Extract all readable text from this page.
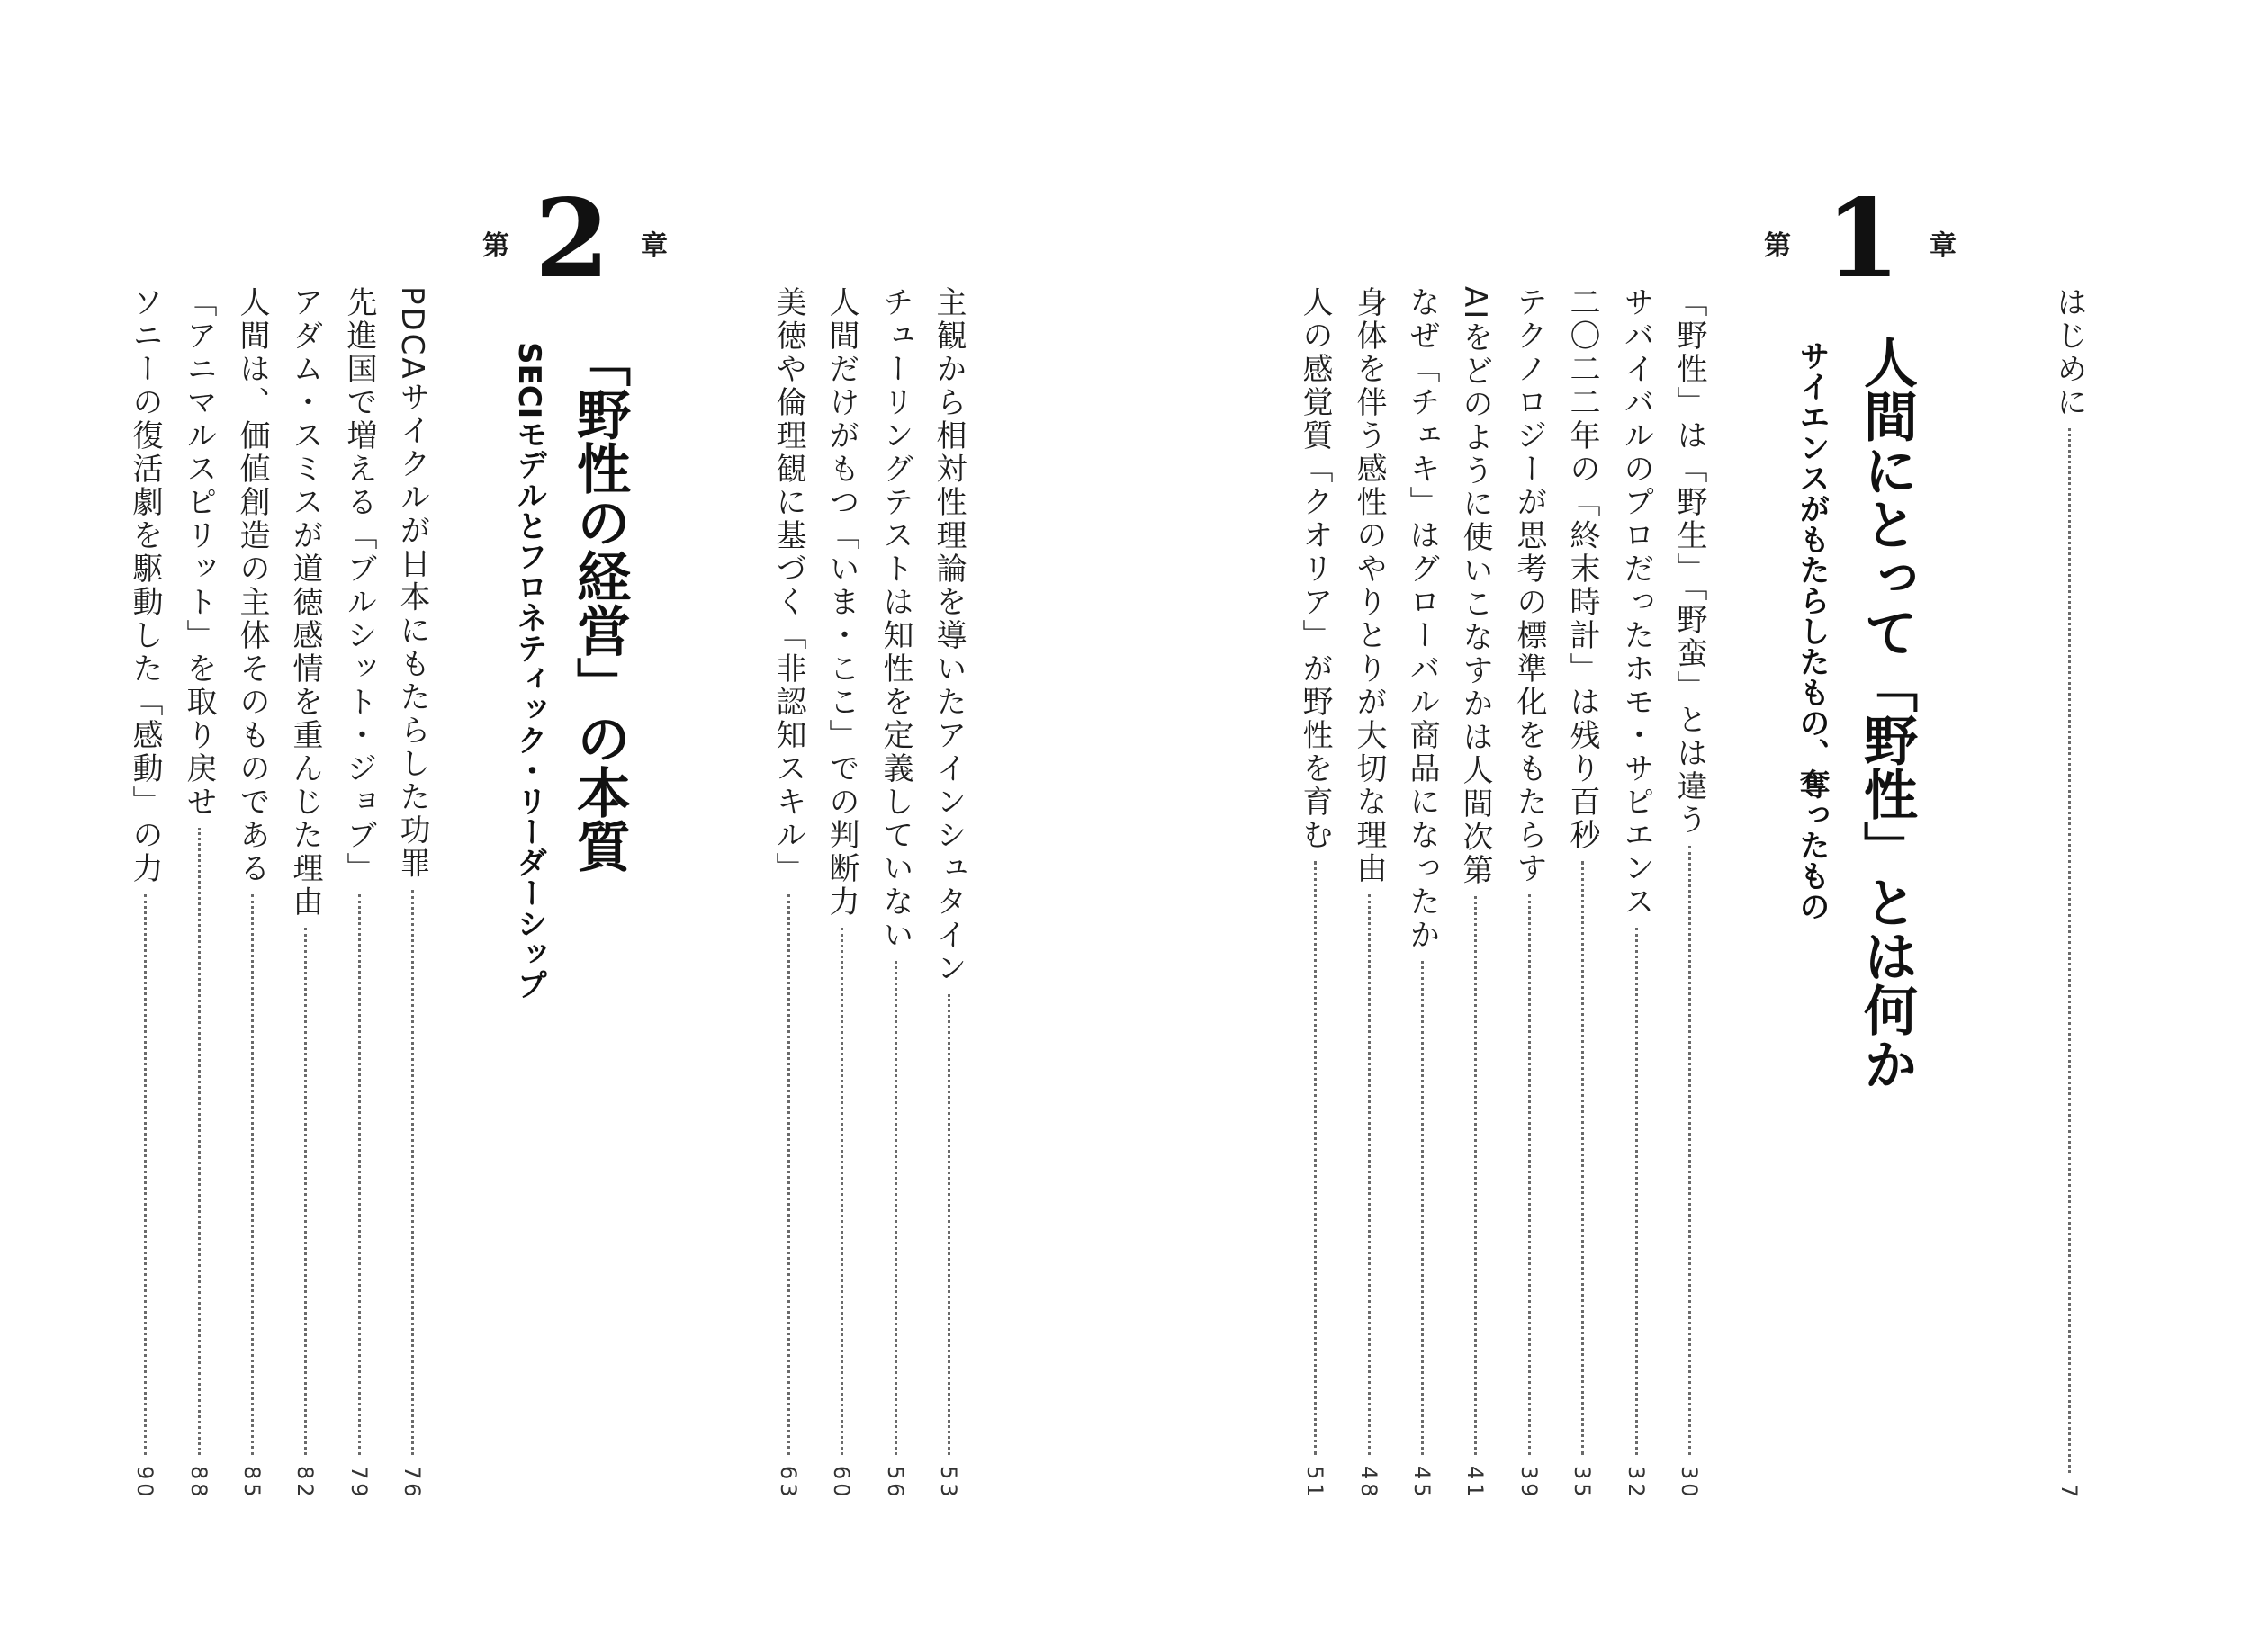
はじめに
7
第 1 章
人間にとって「野性」とは何か
サイエンスがもたらしたもの、奪ったもの
「野性」は「野生」「野蛮」とは違う
30
サバイバルのプロだったホモ・サピエンス
32
二〇二二年の「終末時計」は残り百秒
35
テクノロジーが思考の標準化をもたらす
39
AIをどのように使いこなすかは人間次第
41
なぜ「チェキ」はグローバル商品になったか
45
身体を伴う感性のやりとりが大切な理由
48
人の感覚質「クオリア」が野性を育む
51
主観から相対性理論を導いたアインシュタイン
53
チューリングテストは知性を定義していない
56
人間だけがもつ「いま・ここ」での判断力
60
美徳や倫理観に基づく「非認知スキル」
63
第 2 章
「野性の経営」の本質
SECIモデルとフロネティック・リーダーシップ
PDCAサイクルが日本にもたらした功罪
76
先進国で増える「ブルシット・ジョブ」
79
アダム・スミスが道徳感情を重んじた理由
82
人間は、価値創造の主体そのものである
85
「アニマルスピリット」を取り戻せ
88
ソニーの復活劇を駆動した「感動」の力
90
